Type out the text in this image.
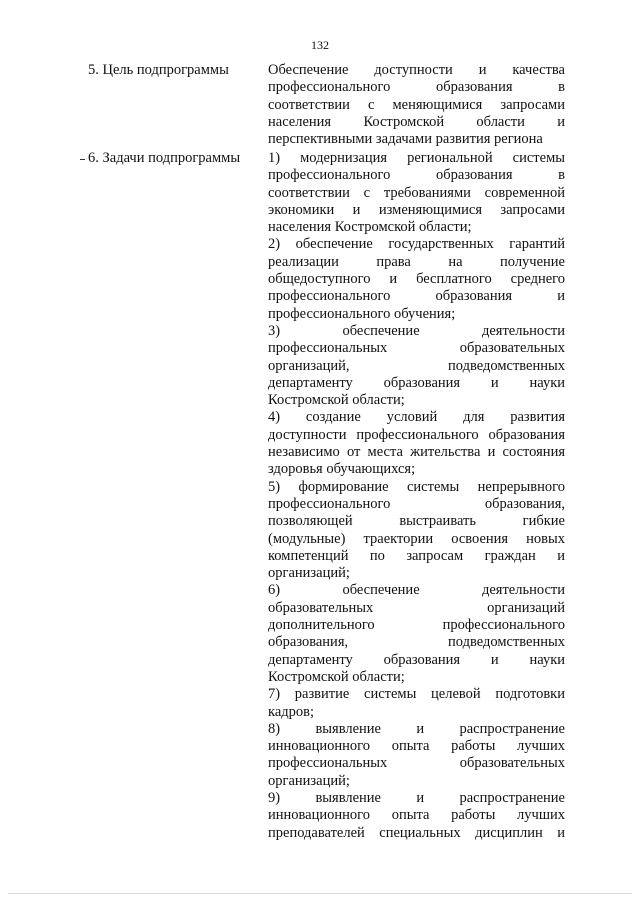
132
5. Цель подпрограммы	Обеспечение доступности и качества
профессионального образования в
соответствии с меняющимися запросами
населения Костромской области и
перспективными задачами развития региона
6. Задачи подпрограммы	1) модернизация региональной системы
профессионального образования в
соответствии с требованиями современной
экономики и изменяющимися запросами
населения Костромской области;
2) обеспечение государственных гарантий
реализации права на получение
общедоступного и бесплатного среднего
профессионального образования и
профессионального обучения;
3) обеспечение деятельности
профессиональных образовательных
организаций, подведомственных
департаменту образования и науки
Костромской области;
4) создание условий для развития
доступности профессионального образования
независимо от места жительства и состояния
здоровья обучающихся;
5) формирование системы непрерывного
профессионального образования,
позволяющей выстраивать гибкие
(модульные) траектории освоения новых
компетенций по запросам граждан и
организаций;
6) обеспечение деятельности
образовательных организаций
дополнительного профессионального
образования, подведомственных
департаменту образования и науки
Костромской области;
7) развитие системы целевой подготовки
кадров;
8) выявление и распространение
инновационного опыта работы лучших
профессиональных образовательных
организаций;
9) выявление и распространение
инновационного опыта работы лучших
преподавателей специальных дисциплин и
